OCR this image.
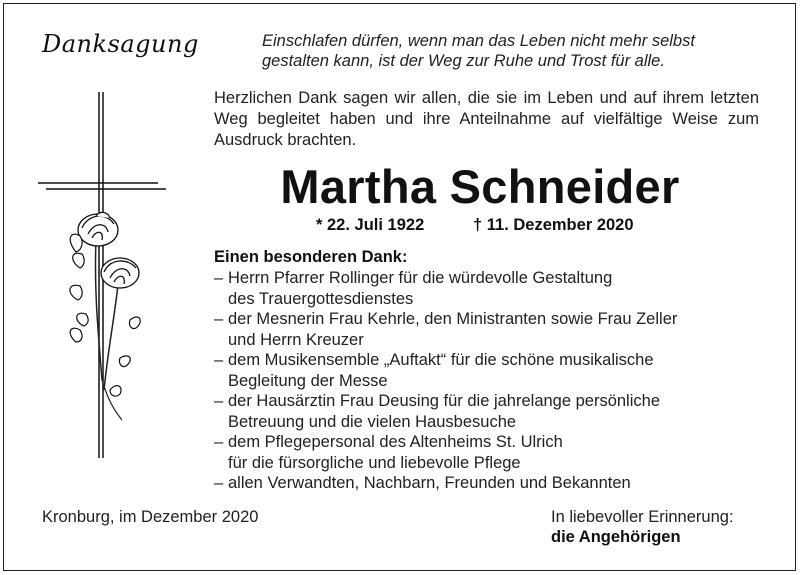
Danksagung	Einschlafen dürfen, wenn man das Leben nicht mehr selbst
gestalten kann, ist der Weg zur Ruhe und Trost für alle.
Herzlichen Dank sagen wir allen, die sie im Leben und auf ihrem letzten Weg begleitet haben und ihre Anteilnahme auf vielfältige Weise zum Ausdruck brachten.
Martha Schneider
* 22. Juli 1922	† 11. Dezember 2020
Einen besonderen Dank:
– Herrn Pfarrer Rollinger für die würdevolle Gestaltung
des Trauergottesdienstes
– der Mesnerin Frau Kehrle, den Ministranten sowie Frau Zeller
und Herrn Kreuzer
– dem Musikensemble „Auftakt“ für die schöne musikalische
Begleitung der Messe
– der Hausärztin Frau Deusing für die jahrelange persönliche
Betreuung und die vielen Hausbesuche
– dem Pflegepersonal des Altenheims St. Ulrich
für die fürsorgliche und liebevolle Pflege
– allen Verwandten, Nachbarn, Freunden und Bekannten
Kronburg, im Dezember 2020	In liebevoller Erinnerung:
die Angehörigen
